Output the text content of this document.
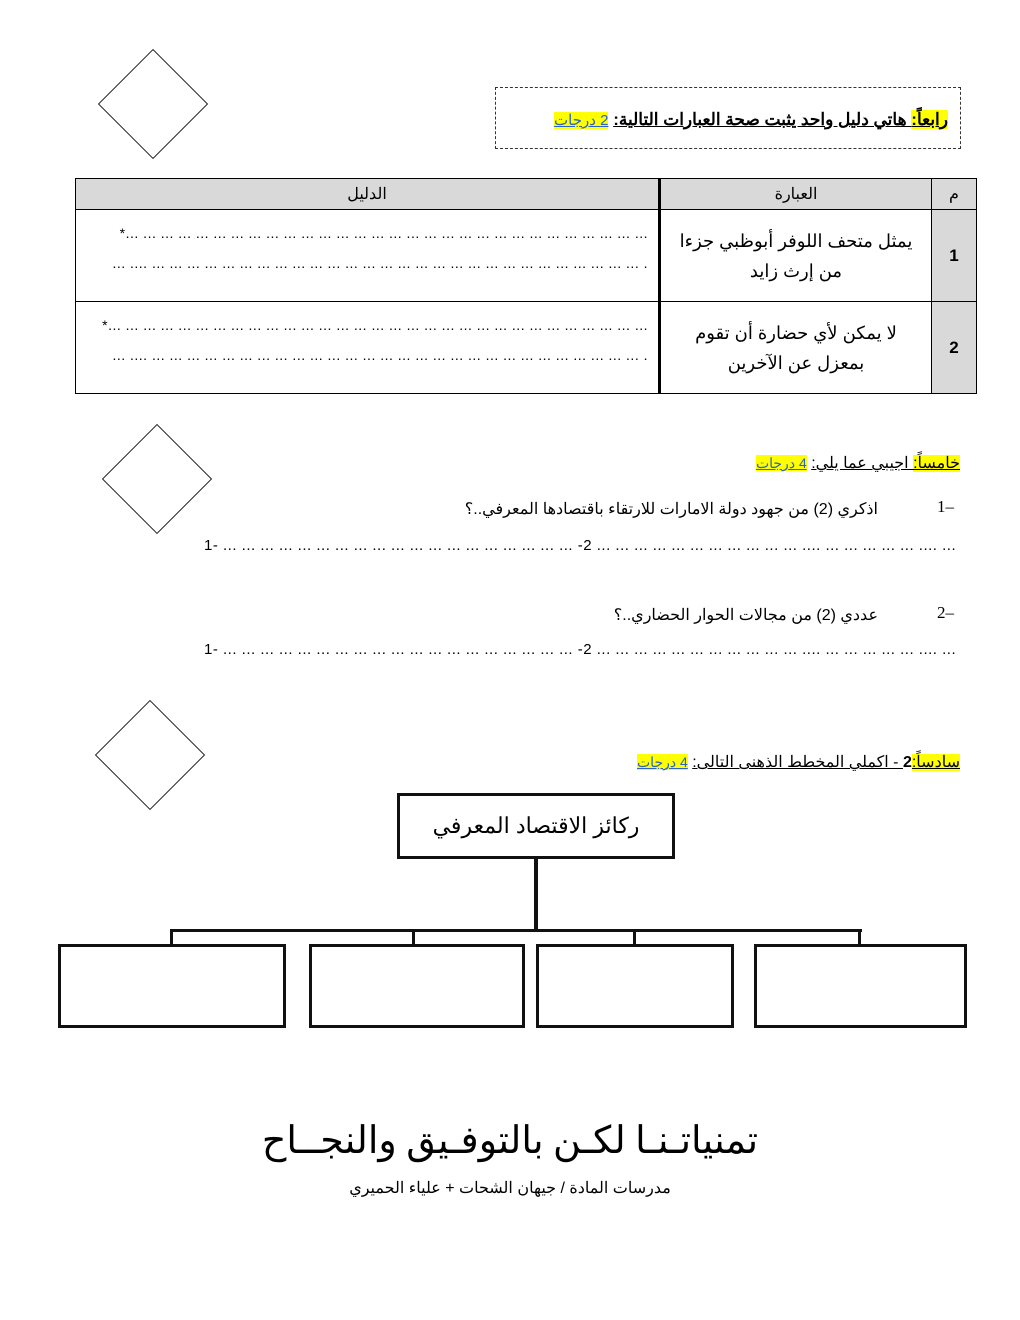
رابعاً: هاتي دليل واحد يثبت صحة العبارات التالية: 2 درجات
م	العبارة	الدليل
1	يمثل متحف اللوفر أبوظبي جزءا من إرث زايد	*... ... ... ... ... ... ... ... ... ... ... ... ... ... ... ... ... ... ... ... ... ... ... ... ... ... ... ... ... ...
... .... ... ... ... ... ... ... ... ... ... ... ... ... ... ... ... ... ... ... ... ... ... ... ... ... ... ... ... ... .

2	لا يمكن لأي حضارة أن تقوم بمعزل عن الآخرين	*... ... ... ... ... ... ... ... ... ... ... ... ... ... ... ... ... ... ... ... ... ... ... ... ... ... ... ... ... ... ...
... .... ... ... ... ... ... ... ... ... ... ... ... ... ... ... ... ... ... ... ... ... ... ... ... ... ... ... ... ... .
خامساً: اجيبي عما يلي: 4 درجات
1–
اذكري (2) من جهود دولة الامارات للارتقاء باقتصادها المعرفي..؟
1- ... ... ... ... ... ... ... ... ... ... ... ... ... ... ... ... ... ... ... -2 ... ... ... ... ... ... ... ... ... ... ... .... ... ... ... ... ... .... ...
2–
عددي (2) من مجالات الحوار الحضاري..؟
1- ... ... ... ... ... ... ... ... ... ... ... ... ... ... ... ... ... ... ... -2 ... ... ... ... ... ... ... ... ... ... ... .... ... ... ... ... ... .... ...
سادساً:2 - اكملي المخطط الذهنى التالى: 4 درجات
ركائز الاقتصاد المعرفي
تمنياتـنـا لكـن بالتوفـيق والنجــاح
مدرسات المادة / جيهان الشحات + علياء الحميري
